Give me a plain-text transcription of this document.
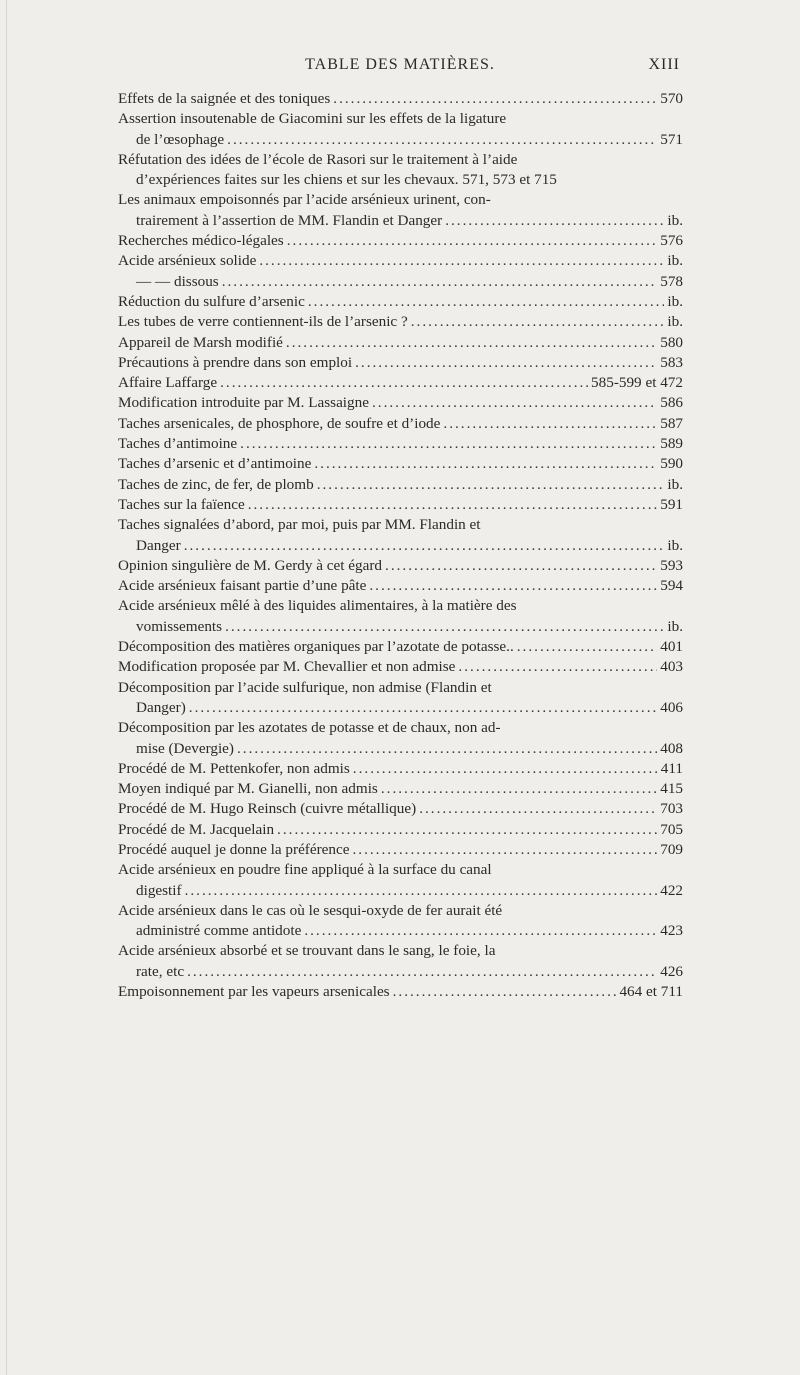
TABLE DES MATIÈRES.	XIII
Effets de la saignée et des toniques .....	570
Assertion insoutenable de Giacomini sur les effets de la ligature
de l’œsophage .....	571
Réfutation des idées de l’école de Rasori sur le traitement à l’aide
d’expériences faites sur les chiens et sur les chevaux. 571, 573 et 715
Les animaux empoisonnés par l’acide arsénieux urinent, con-
trairement à l’assertion de MM. Flandin et Danger .....	ib.
Recherches médico-légales .....	576
Acide arsénieux solide .....	ib.
— — dissous .....	578
Réduction du sulfure d’arsenic .....	ib.
Les tubes de verre contiennent-ils de l’arsenic ? .....	ib.
Appareil de Marsh modifié .....	580
Précautions à prendre dans son emploi .....	583
Affaire Laffarge .....	585-599 et 472
Modification introduite par M. Lassaigne .....	586
Taches arsenicales, de phosphore, de soufre et d’iode .....	587
Taches d’antimoine .....	589
Taches d’arsenic et d’antimoine .....	590
Taches de zinc, de fer, de plomb .....	ib.
Taches sur la faïence .....	591
Taches signalées d’abord, par moi, puis par MM. Flandin et
Danger .....	ib.
Opinion singulière de M. Gerdy à cet égard .....	593
Acide arsénieux faisant partie d’une pâte .....	594
Acide arsénieux mêlé à des liquides alimentaires, à la matière des
vomissements .....	ib.
Décomposition des matières organiques par l’azotate de potasse.. .....	401
Modification proposée par M. Chevallier et non admise .....	403
Décomposition par l’acide sulfurique, non admise (Flandin et
Danger) .....	406
Décomposition par les azotates de potasse et de chaux, non ad-
mise (Devergie) .....	408
Procédé de M. Pettenkofer, non admis .....	411
Moyen indiqué par M. Gianelli, non admis .....	415
Procédé de M. Hugo Reinsch (cuivre métallique) .....	703
Procédé de M. Jacquelain .....	705
Procédé auquel je donne la préférence .....	709
Acide arsénieux en poudre fine appliqué à la surface du canal
digestif .....	422
Acide arsénieux dans le cas où le sesqui-oxyde de fer aurait été
administré comme antidote .....	423
Acide arsénieux absorbé et se trouvant dans le sang, le foie, la
rate, etc .....	426
Empoisonnement par les vapeurs arsenicales .....	464 et 711
